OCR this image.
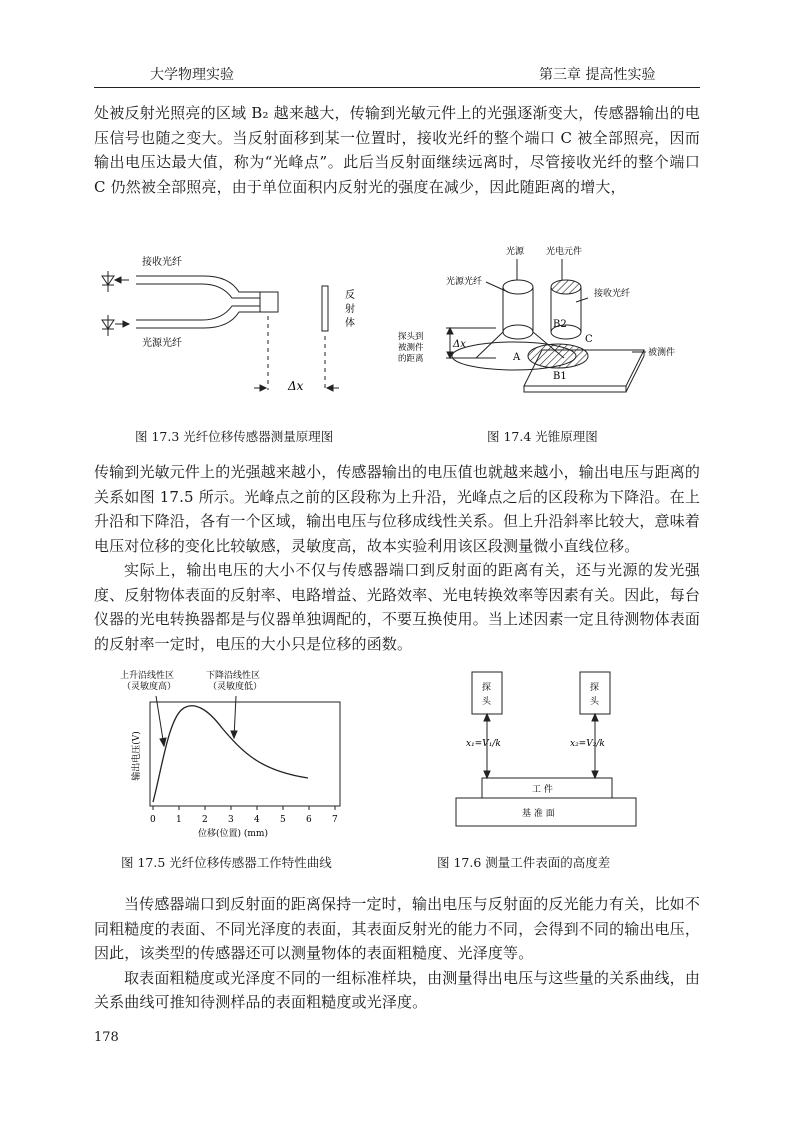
大学物理实验	第三章 提高性实验

处被反射光照亮的区域 B₂ 越来越大，传输到光敏元件上的光强逐渐变大，传感器输出的电压信号也随之变大。当反射面移到某一位置时，接收光纤的整个端口 C 被全部照亮，因而输出电压达最大值，称为“光峰点”。此后当反射面继续远离时，尽管接收光纤的整个端口 C 仍然被全部照亮，由于单位面积内反射光的强度在减少，因此随距离的增大，

接收光纤
光源光纤
反
射
体
Δx
图 17.3 光纤位移传感器测量原理图
光源 光电元件
光源光纤
接收光纤
探头到
被测件
的距离
Δx
被测件
A
B1
B2
C
图 17.4 光锥原理图

传输到光敏元件上的光强越来越小，传感器输出的电压值也就越来越小，输出电压与距离的关系如图 17.5 所示。光峰点之前的区段称为上升沿，光峰点之后的区段称为下降沿。在上升沿和下降沿，各有一个区域，输出电压与位移成线性关系。但上升沿斜率比较大，意味着电压对位移的变化比较敏感，灵敏度高，故本实验利用该区段测量微小直线位移。

实际上，输出电压的大小不仅与传感器端口到反射面的距离有关，还与光源的发光强度、反射物体表面的反射率、电路增益、光路效率、光电转换效率等因素有关。因此，每台仪器的光电转换器都是与仪器单独调配的，不要互换使用。当上述因素一定且待测物体表面的反射率一定时，电压的大小只是位移的函数。

上升沿线性区
（灵敏度高）
下降沿线性区
（灵敏度低）
输出电压(V)
0 1 2 3 4 5 6 7
位移(位置) (mm)
图 17.5 光纤位移传感器工作特性曲线
探
头
探
头
x₁=V₁/k	x₂=V₂/k
工 件
基 准 面
图 17.6 测量工件表面的高度差

当传感器端口到反射面的距离保持一定时，输出电压与反射面的反光能力有关，比如不同粗糙度的表面、不同光泽度的表面，其表面反射光的能力不同，会得到不同的输出电压，因此，该类型的传感器还可以测量物体的表面粗糙度、光泽度等。

取表面粗糙度或光泽度不同的一组标准样块，由测量得出电压与这些量的关系曲线，由关系曲线可推知待测样品的表面粗糙度或光泽度。

178
